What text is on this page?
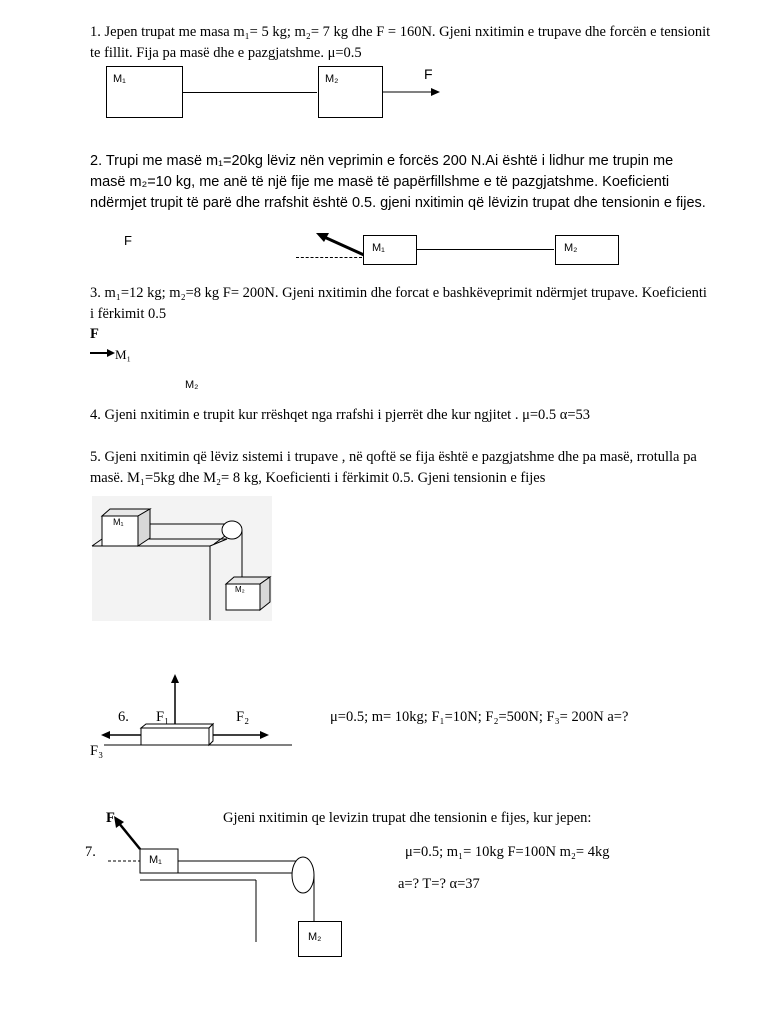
1. Jepen trupat me masa m₁= 5 kg; m₂= 7 kg dhe F = 160N. Gjeni nxitimin e trupave dhe forcën e tensionit
te fillit. Fija pa masë dhe e pazgjatshme. μ=0.5
M₁	M₂	F
2. Trupi me masë m₁=20kg lëviz nën veprimin e forcës 200 N.Ai është i lidhur me trupin me
masë m₂=10 kg, me anë të një fije me masë të papërfillshme e të pazgjatshme. Koeficienti
ndërmjet trupit të parë dhe rrafshit është 0.5. gjeni nxitimin që lëvizin trupat dhe tensionin e fijes.
F	M₁	M₂
3. m₁=12 kg; m₂=8 kg F= 200N. Gjeni nxitimin dhe forcat e bashkëveprimit ndërmjet trupave. Koeficienti
i fërkimit 0.5
F
M₁
M₂
4. Gjeni nxitimin e trupit kur rrëshqet nga rrafshi i pjerrët dhe kur ngjitet . μ=0.5 α=53
5. Gjeni nxitimin që lëviz sistemi i trupave , në qoftë se fija është e pazgjatshme dhe pa masë, rrotulla pa
masë. M₁=5kg dhe M₂= 8 kg, Koeficienti i fërkimit 0.5. Gjeni tensionin e fijes
M₁
M₂
6. F₁	F₂
F₃
μ=0.5; m= 10kg; F₁=10N; F₂=500N; F₃= 200N a=?
F	Gjeni nxitimin qe levizin trupat dhe tensionin e fijes, kur jepen:
7.	M₁
M₂
μ=0.5; m₁= 10kg F=100N m₂= 4kg
a=? T=? α=37
